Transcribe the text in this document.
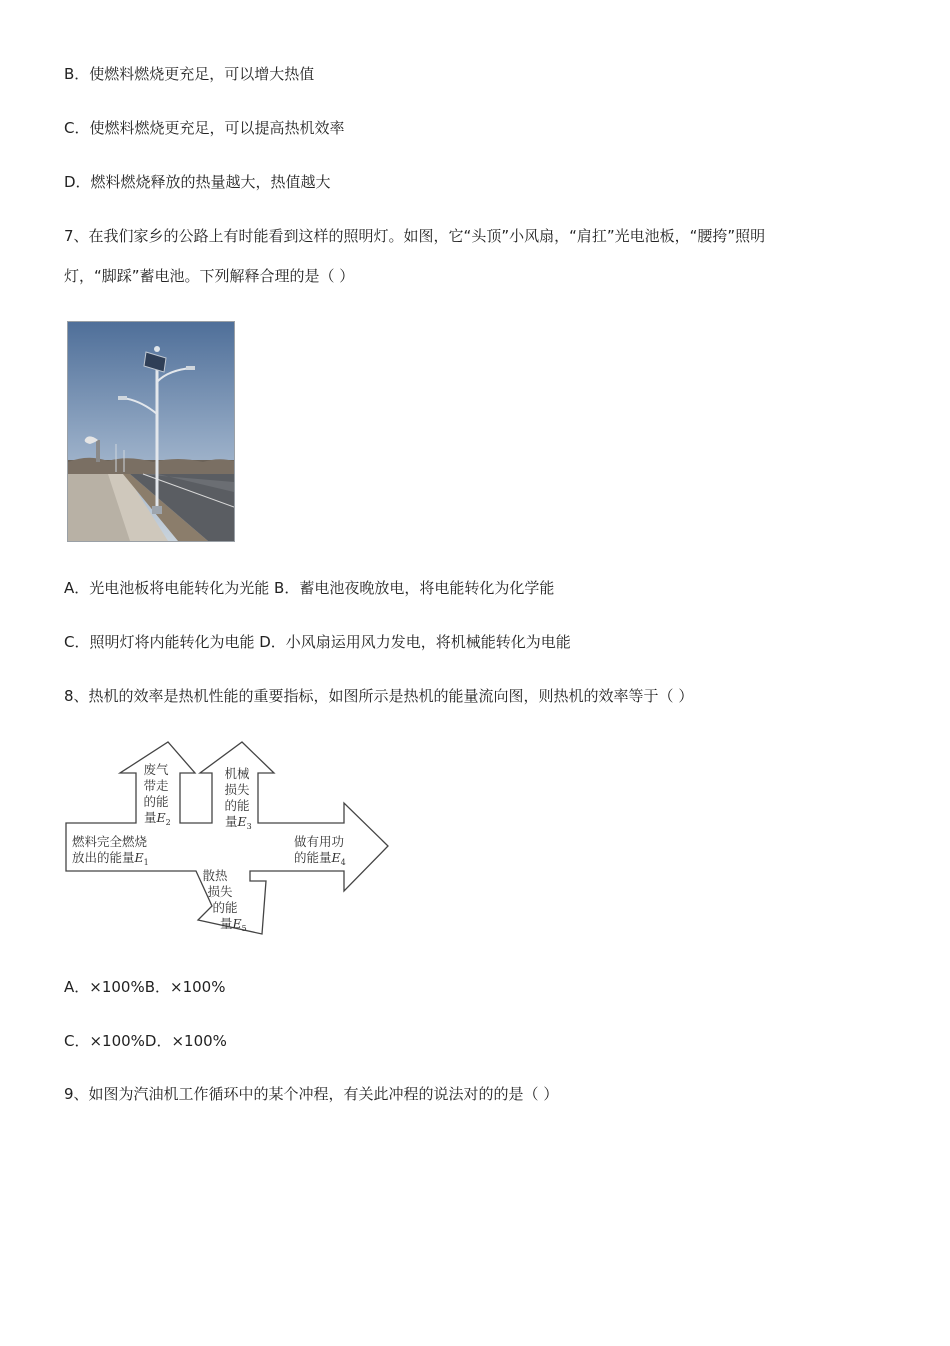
B．使燃料燃烧更充足，可以增大热值
C．使燃料燃烧更充足，可以提高热机效率
D．燃料燃烧释放的热量越大，热值越大
7、在我们家乡的公路上有时能看到这样的照明灯。如图，它“头顶”小风扇，“肩扛”光电池板，“腰挎”照明
灯，“脚踩”蓄电池。下列解释合理的是（ ）
A．光电池板将电能转化为光能 B．蓄电池夜晚放电，将电能转化为化学能
C．照明灯将内能转化为电能 D．小风扇运用风力发电，将机械能转化为电能
8、热机的效率是热机性能的重要指标，如图所示是热机的能量流向图，则热机的效率等于（ ）
废气
带走
的能
量$E_2$
机械
损失
的能
量$E_3$
燃料完全燃烧
放出的能量$E_1$
做有用功
的能量$E_4$
散热
损失
的能
量$E_5$
A．×100%B．×100%
C．×100%D．×100%
9、如图为汽油机工作循环中的某个冲程，有关此冲程的说法对的的是（ ）
